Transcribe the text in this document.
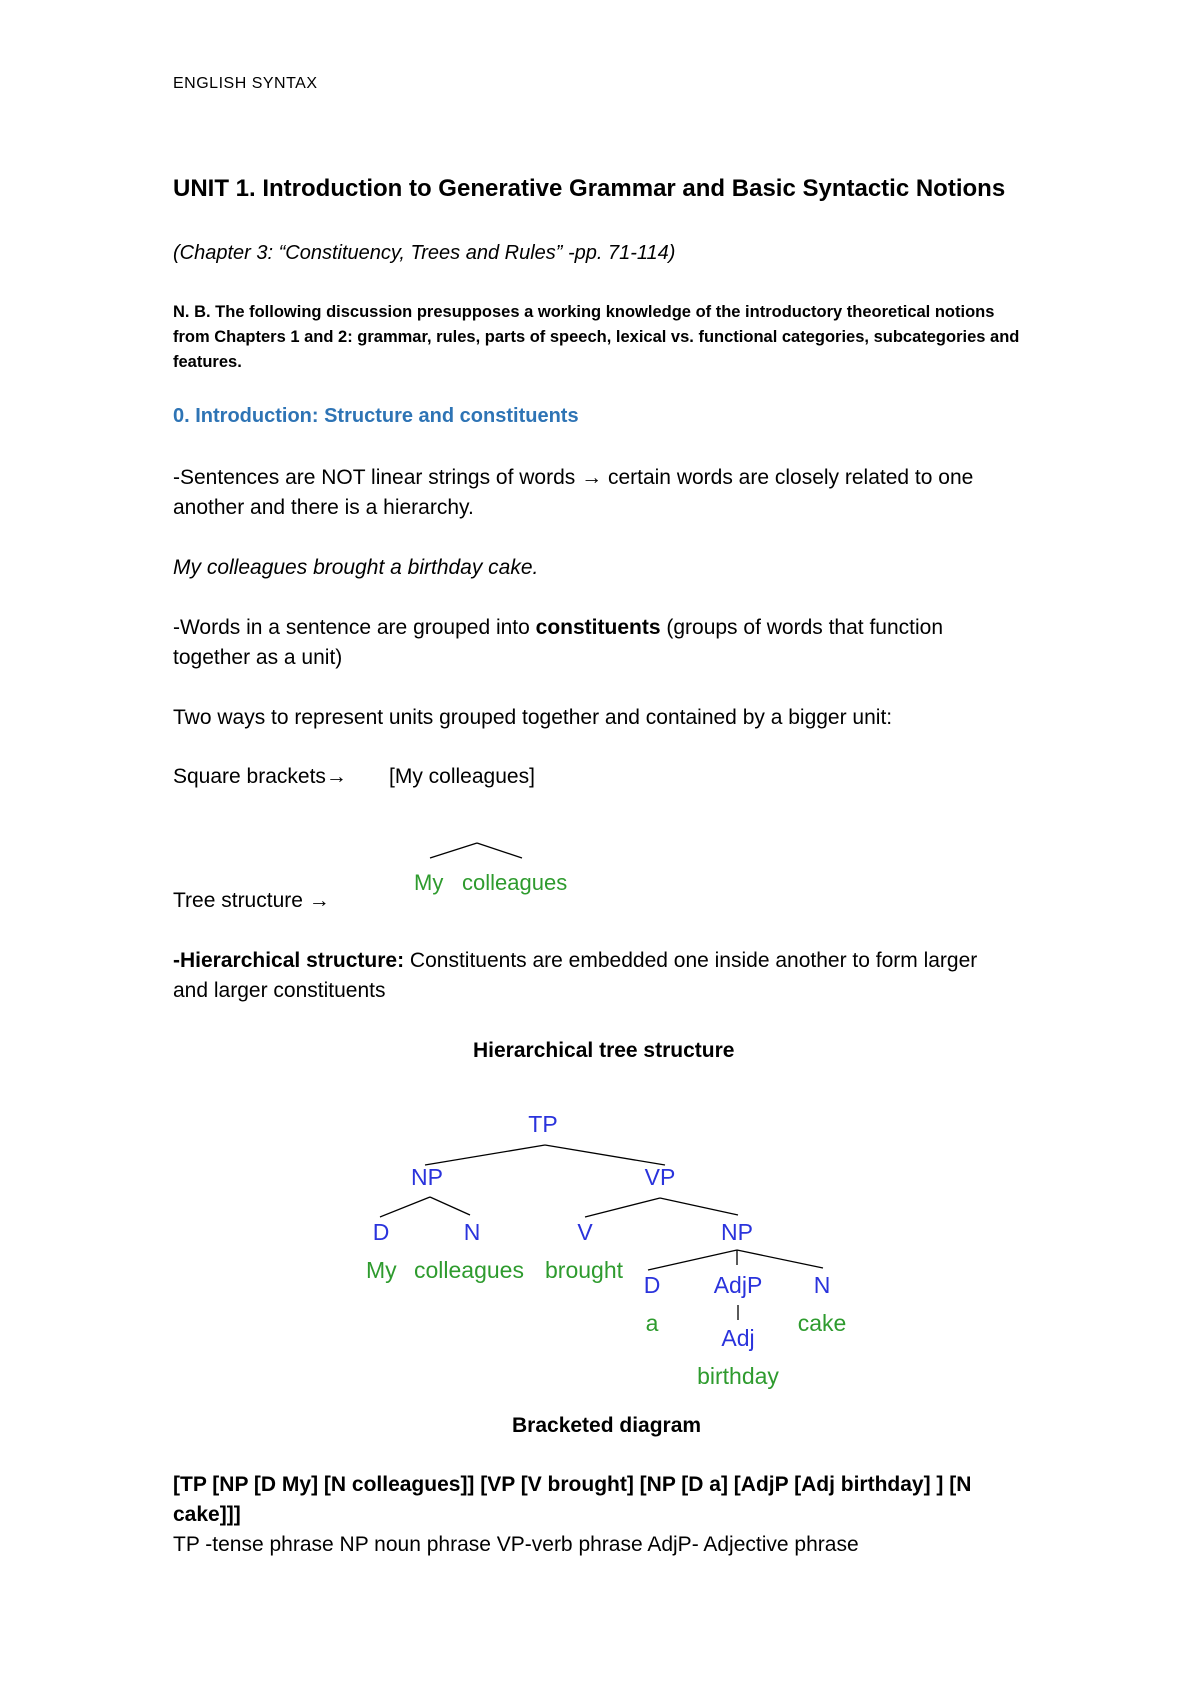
ENGLISH SYNTAX
UNIT 1. Introduction to Generative Grammar and Basic Syntactic Notions
(Chapter 3: “Constituency, Trees and Rules” -pp. 71-114)
N. B. The following discussion presupposes a working knowledge of the introductory theoretical notions from Chapters 1 and 2: grammar, rules, parts of speech, lexical vs. functional categories, subcategories and features.
0. Introduction: Structure and constituents
-Sentences are NOT linear strings of words → certain words are closely related to one
another and there is a hierarchy.
My colleagues brought a birthday cake.
-Words in a sentence are grouped into constituents (groups of words that function
together as a unit)
Two ways to represent units grouped together and contained by a bigger unit:
Square brackets→ [My colleagues]
My colleagues
Tree structure →
-Hierarchical structure: Constituents are embedded one inside another to form larger
and larger constituents
Hierarchical tree structure
TP
NP	VP
D	N	V	NP
D AdjP N
Adj
My colleagues brought
a	cake
birthday
Bracketed diagram
[TP [NP [D My] [N colleagues]] [VP [V brought] [NP [D a] [AdjP [Adj birthday] ] [N
cake]]]
TP -tense phrase NP noun phrase VP-verb phrase AdjP- Adjective phrase
